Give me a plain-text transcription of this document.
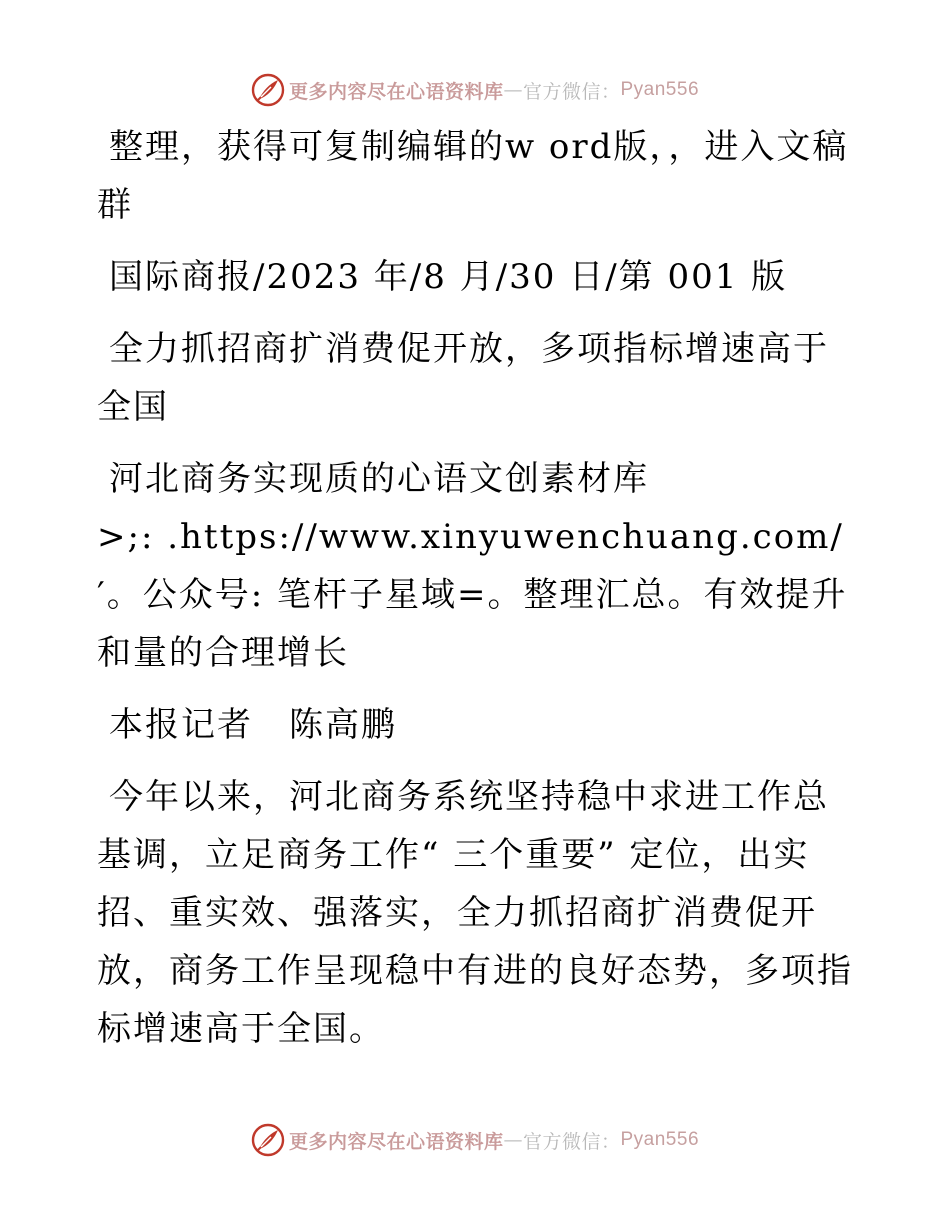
更多内容尽在心语资料库 — 官方微信： Pyan556

整理，获得可复制编辑的w ord版，，进入文稿群

国际商报/2023 年/8 月/30 日/第 001 版

全力抓招商扩消费促开放，多项指标增速高于全国

河北商务实现质的心语文创素材库

>;: .https://www.xinyuwenchuang.com/′。公众号: 笔杆子星域=。整理汇总。有效提升和量的合理增长

本报记者　陈高鹏

今年以来，河北商务系统坚持稳中求进工作总基调，立足商务工作“ 三个重要” 定位，出实招、重实效、强落实，全力抓招商扩消费促开放，商务工作呈现稳中有进的良好态势，多项指标增速高于全国。

更多内容尽在心语资料库 — 官方微信： Pyan556
